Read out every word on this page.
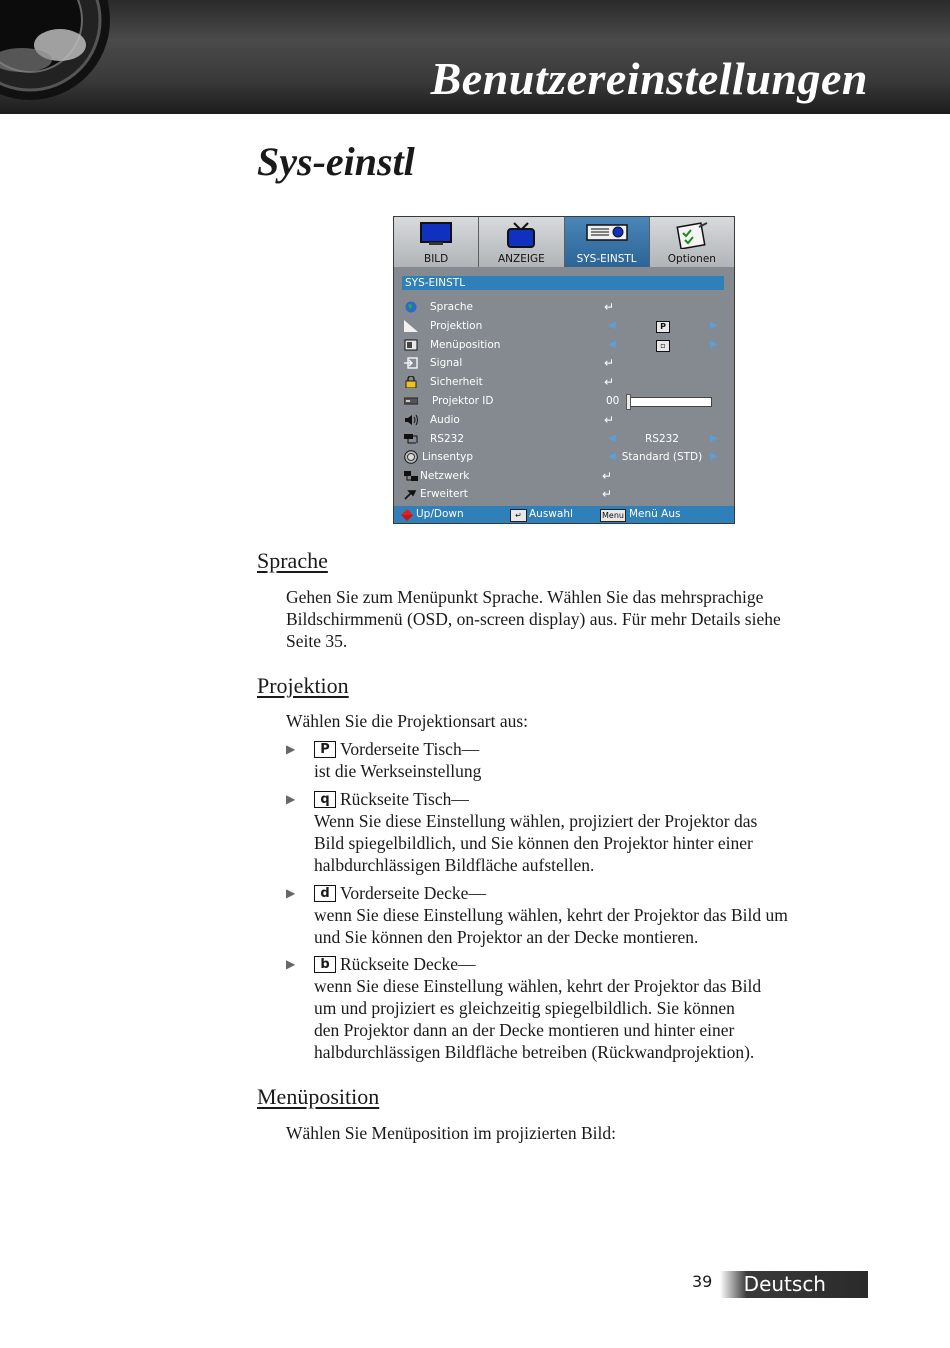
Benutzereinstellungen
Sys-einstl
BILD	ANZEIGE	SYS-EINSTL	Optionen
SYS-EINSTL
Sprache	↵
Projektion	◀	P	▶
Menüposition	◀	▫	▶
Signal	↵
Sicherheit	↵
Projektor ID	00
Audio	↵
RS232	◀	RS232	▶
Linsentyp	◀ Standard (STD) ▶
Netzwerk	↵
Erweitert	↵
Up/Down	↵ Auswahl	Menu Menü Aus
Sprache
Gehen Sie zum Menüpunkt Sprache. Wählen Sie das mehrsprachige
Bildschirmmenü (OSD, on-screen display) aus. Für mehr Details siehe
Seite 35.
Projektion
Wählen Sie die Projektionsart aus:
▶	P Vorderseite Tisch—
ist die Werkseinstellung
▶	q Rückseite Tisch—
Wenn Sie diese Einstellung wählen, projiziert der Projektor das
Bild spiegelbildlich, und Sie können den Projektor hinter einer
halbdurchlässigen Bildfläche aufstellen.
▶	d Vorderseite Decke—
wenn Sie diese Einstellung wählen, kehrt der Projektor das Bild um
und Sie können den Projektor an der Decke montieren.
▶	b Rückseite Decke—
wenn Sie diese Einstellung wählen, kehrt der Projektor das Bild
um und projiziert es gleichzeitig spiegelbildlich. Sie können
den Projektor dann an der Decke montieren und hinter einer
halbdurchlässigen Bildfläche betreiben (Rückwandprojektion).
Menüposition
Wählen Sie Menüposition im projizierten Bild:
Deutsch
39
